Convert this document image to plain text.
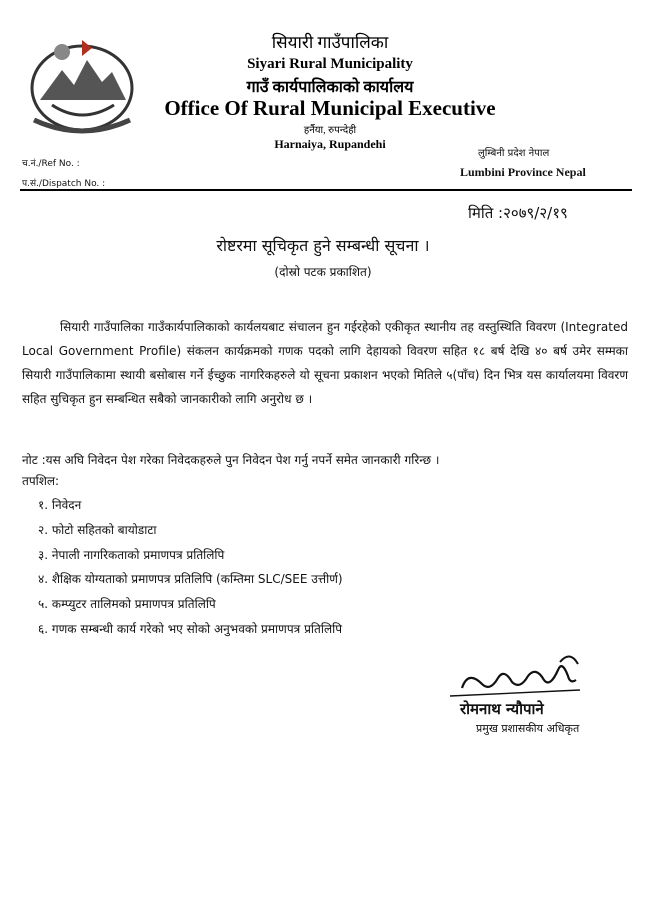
सियारी गाउँपालिका
Siyari Rural Municipality
गाउँ कार्यपालिकाको कार्यालय
Office Of Rural Municipal Executive
हर्नैया, रुपन्देही
Harnaiya, Rupandehi
च.नं./Ref No. :
प.सं./Dispatch No. :
लुम्बिनी प्रदेश नेपाल
Lumbini Province Nepal
मिति :२०७९/२/१९
रोष्टरमा सूचिकृत हुने सम्बन्धी सूचना ।
(दोस्रो पटक प्रकाशित)
सियारी गाउँपालिका गाउँकार्यपालिकाको कार्यलयबाट संचालन हुन गईरहेको एकीकृत स्थानीय तह वस्तुस्थिति विवरण (Integrated Local Government Profile) संकलन कार्यक्रमको गणक पदको लागि देहायको विवरण सहित १८ बर्ष देखि ४० बर्ष उमेर सम्मका सियारी गाउँपालिकामा स्थायी बसोबास गर्ने ईच्छुक नागरिकहरुले यो सूचना प्रकाशन भएको मितिले ५(पाँच) दिन भित्र यस कार्यालयमा विवरण सहित सुचिकृत हुन सम्बन्धित सबैको जानकारीको लागि अनुरोध छ ।
नोट :यस अघि निवेदन पेश गरेका निवेदकहरुले पुन निवेदन पेश गर्नु नपर्ने समेत जानकारी गरिन्छ ।
तपशिल:
१. निवेदन
२. फोटो सहितको बायोडाटा
३. नेपाली नागरिकताको प्रमाणपत्र प्रतिलिपि
४. शैक्षिक योग्यताको प्रमाणपत्र प्रतिलिपि (कम्तिमा SLC/SEE उत्तीर्ण)
५. कम्प्युटर तालिमको प्रमाणपत्र प्रतिलिपि
६. गणक सम्बन्धी कार्य गरेको भए सोको अनुभवको प्रमाणपत्र प्रतिलिपि
रोमनाथ न्यौपाने
प्रमुख प्रशासकीय अधिकृत
